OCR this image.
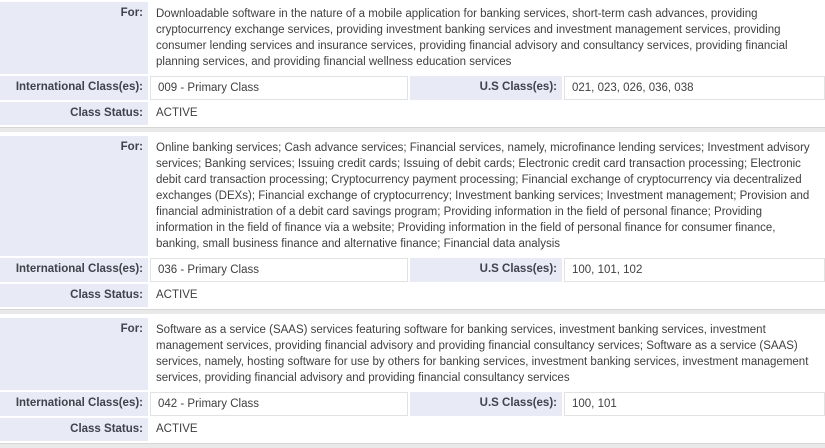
For:	Downloadable software in the nature of a mobile application for banking services, short-term cash advances, providing cryptocurrency exchange services, providing investment banking services and investment management services, providing consumer lending services and insurance services, providing financial advisory and consultancy services, providing financial planning services, and providing financial wellness education services
International Class(es):	009 - Primary Class	U.S Class(es):	021, 023, 026, 036, 038
Class Status:	ACTIVE
For:	Online banking services; Cash advance services; Financial services, namely, microfinance lending services; Investment advisory services; Banking services; Issuing credit cards; Issuing of debit cards; Electronic credit card transaction processing; Electronic debit card transaction processing; Cryptocurrency payment processing; Financial exchange of cryptocurrency via decentralized exchanges (DEXs); Financial exchange of cryptocurrency; Investment banking services; Investment management; Provision and financial administration of a debit card savings program; Providing information in the field of personal finance; Providing information in the field of finance via a website; Providing information in the field of personal finance for consumer finance, banking, small business finance and alternative finance; Financial data analysis
International Class(es):	036 - Primary Class	U.S Class(es):	100, 101, 102
Class Status:	ACTIVE
For:	Software as a service (SAAS) services featuring software for banking services, investment banking services, investment management services, providing financial advisory and providing financial consultancy services; Software as a service (SAAS) services, namely, hosting software for use by others for banking services, investment banking services, investment management services, providing financial advisory and providing financial consultancy services
International Class(es):	042 - Primary Class	U.S Class(es):	100, 101
Class Status:	ACTIVE
